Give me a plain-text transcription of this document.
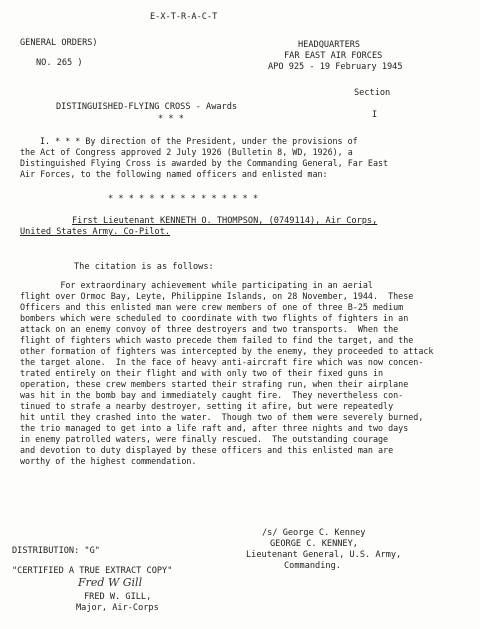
E-X-T-R-A-C-T
GENERAL ORDERS)
NO. 265 )
HEADQUARTERS
FAR EAST AIR FORCES
APO 925 - 19 February 1945
Section
I
DISTINGUISHED-FLYING CROSS - Awards
* * *
I. * * * By direction of the President, under the provisions of
the Act of Congress approved 2 July 1926 (Bulletin 8, WD, 1926), a
Distinguished Flying Cross is awarded by the Commanding General, Far East
Air Forces, to the following named officers and enlisted man:
* * * * * * * * * * * * * * *
First Lieutenant KENNETH O. THOMPSON, (0749114), Air Corps,
United States Army. Co-Pilot.
The citation is as follows:
For extraordinary achievement while participating in an aerial
flight over Ormoc Bay, Leyte, Philippine Islands, on 28 November, 1944.  These
Officers and this enlisted man were crew members of one of three B-25 medium
bombers which were scheduled to coordinate with two flights of fighters in an
attack on an enemy convoy of three destroyers and two transports.  When the
flight of fighters which wasto precede them failed to find the target, and the
other formation of fighters was intercepted by the enemy, they proceeded to attack
the target alone.  In the face of heavy anti-aircraft fire which was now concen-
trated entirely on their flight and with only two of their fixed guns in
operation, these crew members started their strafing run, when their airplane
was hit in the bomb bay and immediately caught fire.  They nevertheless con-
tinued to strafe a nearby destroyer, setting it afire, but were repeatedly
hit until they crashed into the water.  Though two of them were severely burned,
the trio managed to get into a life raft and, after three nights and two days
in enemy patrolled waters, were finally rescued.  The outstanding courage
and devotion to duty displayed by these officers and this enlisted man are
worthy of the highest commendation.
/s/ George C. Kenney
GEORGE C. KENNEY,
Lieutenant General, U.S. Army,
Commanding.
DISTRIBUTION: "G"
"CERTIFIED A TRUE EXTRACT COPY"
Fred W Gill
FRED W. GILL,
Major, Air-Corps
